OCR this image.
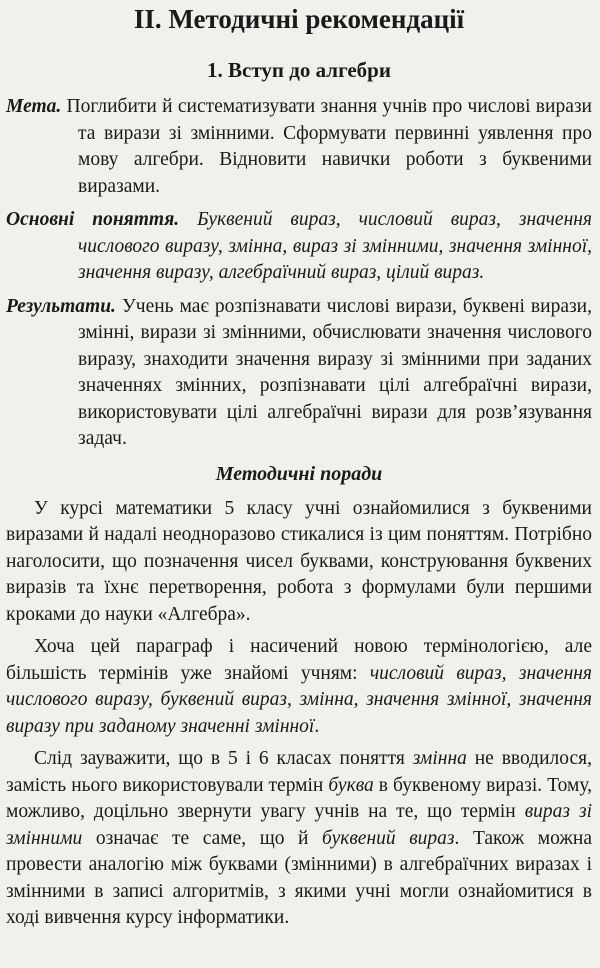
II. Методичні рекомендації
1. Вступ до алгебри

Мета. Поглибити й систематизувати знання учнів про числові вирази та вирази зі змінними. Сформувати первинні уявлення про мову алгебри. Відновити навички роботи з буквеними виразами.

Основні поняття. Буквений вираз, числовий вираз, значення числового виразу, змінна, вираз зі змінними, значення змінної, значення виразу, алгебраїчний вираз, цілий вираз.

Результати. Учень має розпізнавати числові вирази, буквені вирази, змінні, вирази зі змінними, обчислювати значення числового виразу, знаходити значення виразу зі змінними при заданих значеннях змінних, розпізнавати цілі алгебраїчні вирази, використовувати цілі алгебраїчні вирази для розв’язування задач.

Методичні поради

У курсі математики 5 класу учні ознайомилися з буквеними виразами й надалі неодноразово стикалися із цим поняттям. Потрібно наголосити, що позначення чисел буквами, конструювання буквених виразів та їхнє перетворення, робота з формулами були першими кроками до науки «Алгебра».

Хоча цей параграф і насичений новою термінологією, але більшість термінів уже знайомі учням: числовий вираз, значення числового виразу, буквений вираз, змінна, значення змінної, значення виразу при заданому значенні змінної.

Слід зауважити, що в 5 і 6 класах поняття змінна не вводилося, замість нього використовували термін буква в буквеному виразі. Тому, можливо, доцільно звернути увагу учнів на те, що термін вираз зі змінними означає те саме, що й буквений вираз. Також можна провести аналогію між буквами (змінними) в алгебраїчних виразах і змінними в записі алгоритмів, з якими учні могли ознайомитися в ході вивчення курсу інформатики.
